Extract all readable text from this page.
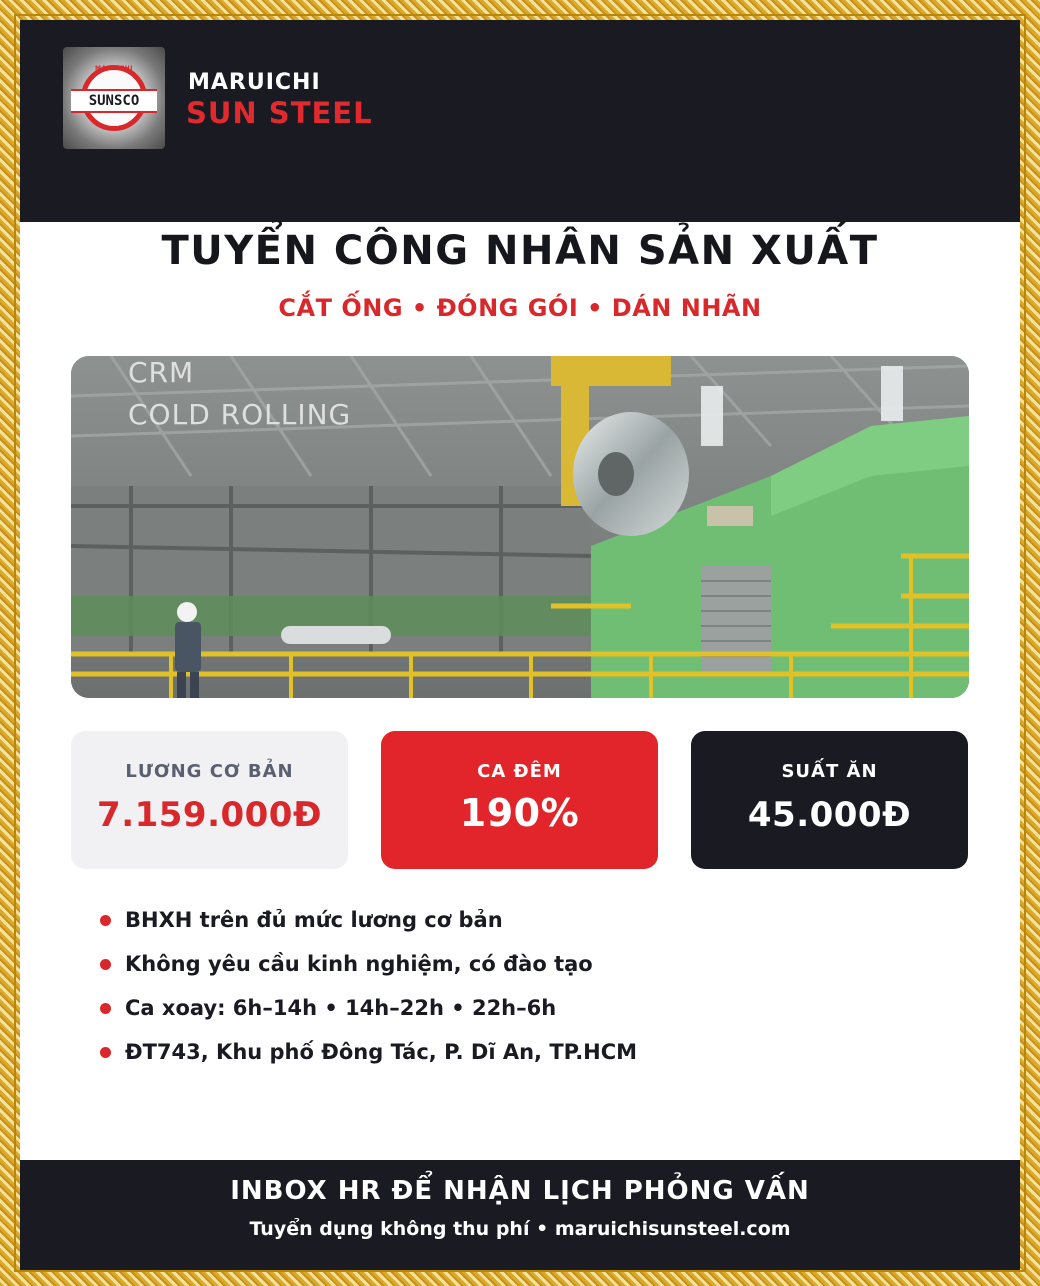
MARUICHI
SUNSCO
MARUICHI
SUN STEEL
TUYỂN CÔNG NHÂN SẢN XUẤT
CẮT ỐNG • ĐÓNG GÓI • DÁN NHÃN
CRM
COLD ROLLING
LƯƠNG CƠ BẢN
7.159.000Đ
CA ĐÊM
190%
SUẤT ĂN
45.000Đ
BHXH trên đủ mức lương cơ bản
Không yêu cầu kinh nghiệm, có đào tạo
Ca xoay: 6h–14h • 14h–22h • 22h–6h
ĐT743, Khu phố Đông Tác, P. Dĩ An, TP.HCM
INBOX HR ĐỂ NHẬN LỊCH PHỎNG VẤN
Tuyển dụng không thu phí • maruichisunsteel.com
